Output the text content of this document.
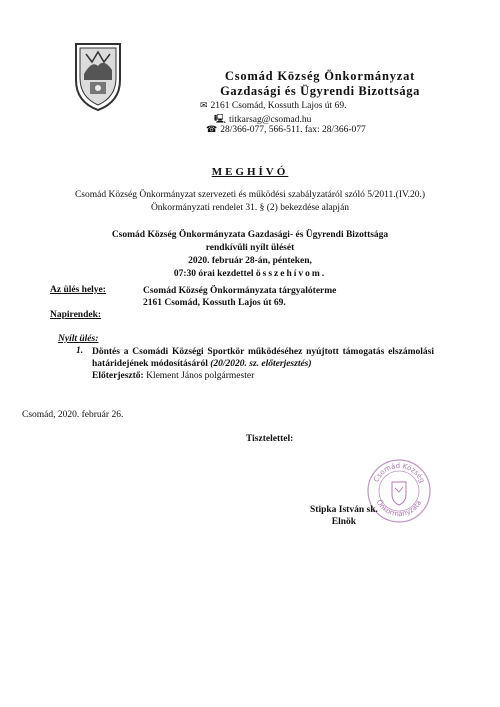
Csomád Község Önkormányzat
Gazdasági és Ügyrendi Bizottsága
✉ 2161 Csomád, Kossuth Lajos út 69.
🖳 titkarsag@csomad.hu
☎ 28/366-077, 566-511. fax: 28/366-077
MEGHÍVÓ
Csomád Község Önkormányzat szervezeti és működési szabályzatáról szóló 5/2011.(IV.20.)
Önkormányzati rendelet 31. § (2) bekezdése alapján
Csomád Község Önkormányzata Gazdasági- és Ügyrendi Bizottsága
rendkívüli nyílt ülését
2020. február 28-án, pénteken,
07:30 órai kezdettel összehívom.
Az ülés helye:	Csomád Község Önkormányzata tárgyalóterme
2161 Csomád, Kossuth Lajos út 69.
Napirendek:
Nyílt ülés:
1. Döntés a Csomádi Községi Sportkör működéséhez nyújtott támogatás elszámolási határidejének módosításáról (20/2020. sz. előterjesztés)
Előterjesztő: Klement János polgármester
Csomád, 2020. február 26.
Tisztelettel:
Csomád Község
Önkormányzata
Stipka István sk.
Elnök
